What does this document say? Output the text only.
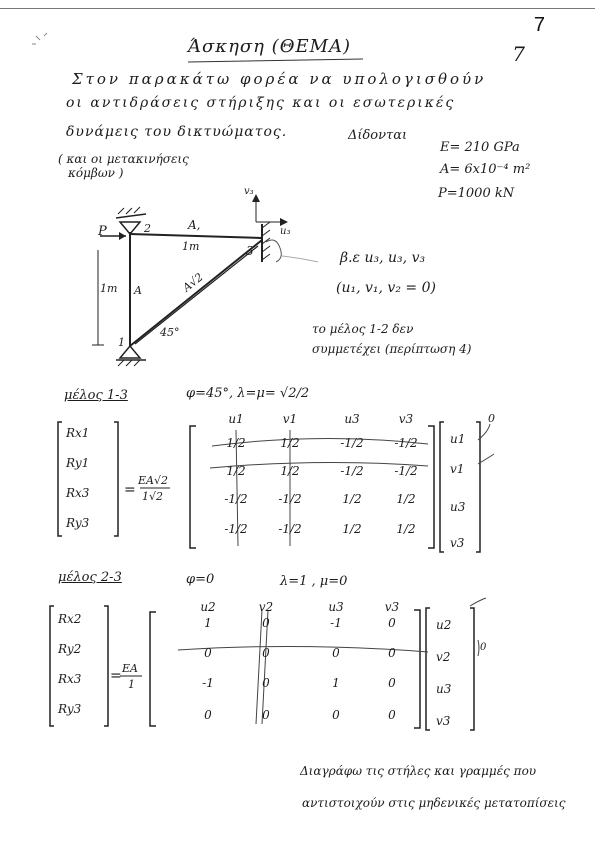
7
7
Άσκηση (ΘΕΜΑ)
Στον παρακάτω φορέα να υπολογισθούν
οι αντιδράσεις στήριξης και οι εσωτερικές
δυνάμεις του δικτυώματος.	Δίδονται
( και οι μετακινήσεις
κόμβων )
E= 210 GPa
A= 6x10⁻⁴ m²
P=1000 kN
P	2	A,
1m	3
1m A	A√2
45°
1
v₃
u₃
β.ε u₃, u₃, v₃
(u₁, v₁, v₂ = 0)
το μέλος 1-2 δεν
συμμετέχει (περίπτωση 4)
μέλος 1-3	φ=45°, λ=μ= √2/2
Rx1
Ry1
Rx3
Ry3
=
EA√2
1√2
u1	v1	u3	v3
1/2	1/2	-1/2	-1/2
1/2	1/2	-1/2	-1/2
-1/2	-1/2	1/2	1/2
-1/2	-1/2	1/2	1/2
u1
v1
u3
v3
0
μέλος 2-3	φ=0	λ=1 , μ=0
Rx2
Ry2
Rx3
Ry3
= EA
1
u2	v2	u3	v3
1	0	-1	0
0	0	0	0
-1	0	1	0
0	0	0	0
u2
v2
u3
v3
0
Διαγράφω τις στήλες και γραμμές που
αντιστοιχούν στις μηδενικές μετατοπίσεις
